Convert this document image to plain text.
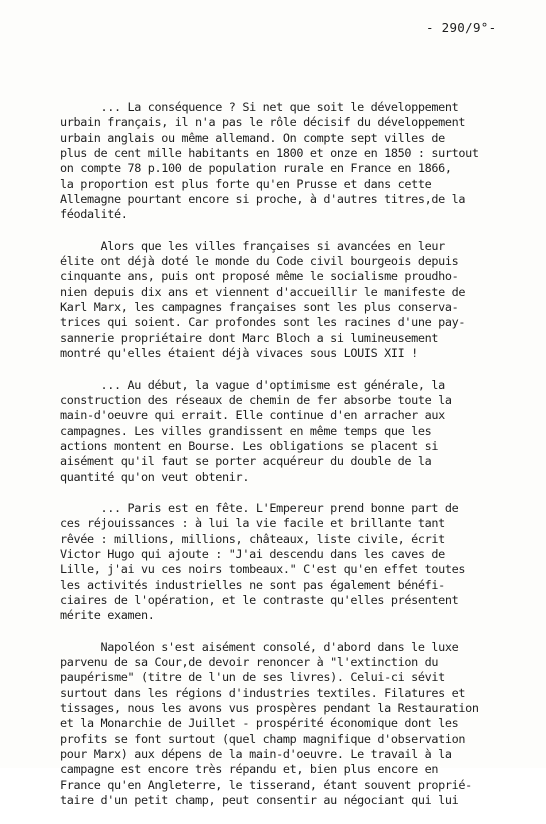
- 290/9°-
... La conséquence ? Si net que soit le développement
urbain français, il n'a pas le rôle décisif du développement
urbain anglais ou même allemand. On compte sept villes de
plus de cent mille habitants en 1800 et onze en 1850 : surtout
on compte 78 p.100 de population rurale en France en 1866,
la proportion est plus forte qu'en Prusse et dans cette
Allemagne pourtant encore si proche, à d'autres titres,de la
féodalité.
Alors que les villes françaises si avancées en leur
élite ont déjà doté le monde du Code civil bourgeois depuis
cinquante ans, puis ont proposé même le socialisme proudho-
nien depuis dix ans et viennent d'accueillir le manifeste de
Karl Marx, les campagnes françaises sont les plus conserva-
trices qui soient. Car profondes sont les racines d'une pay-
sannerie propriétaire dont Marc Bloch a si lumineusement
montré qu'elles étaient déjà vivaces sous LOUIS XII !
... Au début, la vague d'optimisme est générale, la
construction des réseaux de chemin de fer absorbe toute la
main-d'oeuvre qui errait. Elle continue d'en arracher aux
campagnes. Les villes grandissent en même temps que les
actions montent en Bourse. Les obligations se placent si
aisément qu'il faut se porter acquéreur du double de la
quantité qu'on veut obtenir.
... Paris est en fête. L'Empereur prend bonne part de
ces réjouissances : à lui la vie facile et brillante tant
rêvée : millions, millions, châteaux, liste civile, écrit
Victor Hugo qui ajoute : "J'ai descendu dans les caves de
Lille, j'ai vu ces noirs tombeaux." C'est qu'en effet toutes
les activités industrielles ne sont pas également bénéfi-
ciaires de l'opération, et le contraste qu'elles présentent
mérite examen.
Napoléon s'est aisément consolé, d'abord dans le luxe
parvenu de sa Cour,de devoir renoncer à "l'extinction du
paupérisme" (titre de l'un de ses livres). Celui-ci sévit
surtout dans les régions d'industries textiles. Filatures et
tissages, nous les avons vus prospères pendant la Restauration
et la Monarchie de Juillet - prospérité économique dont les
profits se font surtout (quel champ magnifique d'observation
pour Marx) aux dépens de la main-d'oeuvre. Le travail à la
campagne est encore très répandu et, bien plus encore en
France qu'en Angleterre, le tisserand, étant souvent proprié-
taire d'un petit champ, peut consentir au négociant qui lui
